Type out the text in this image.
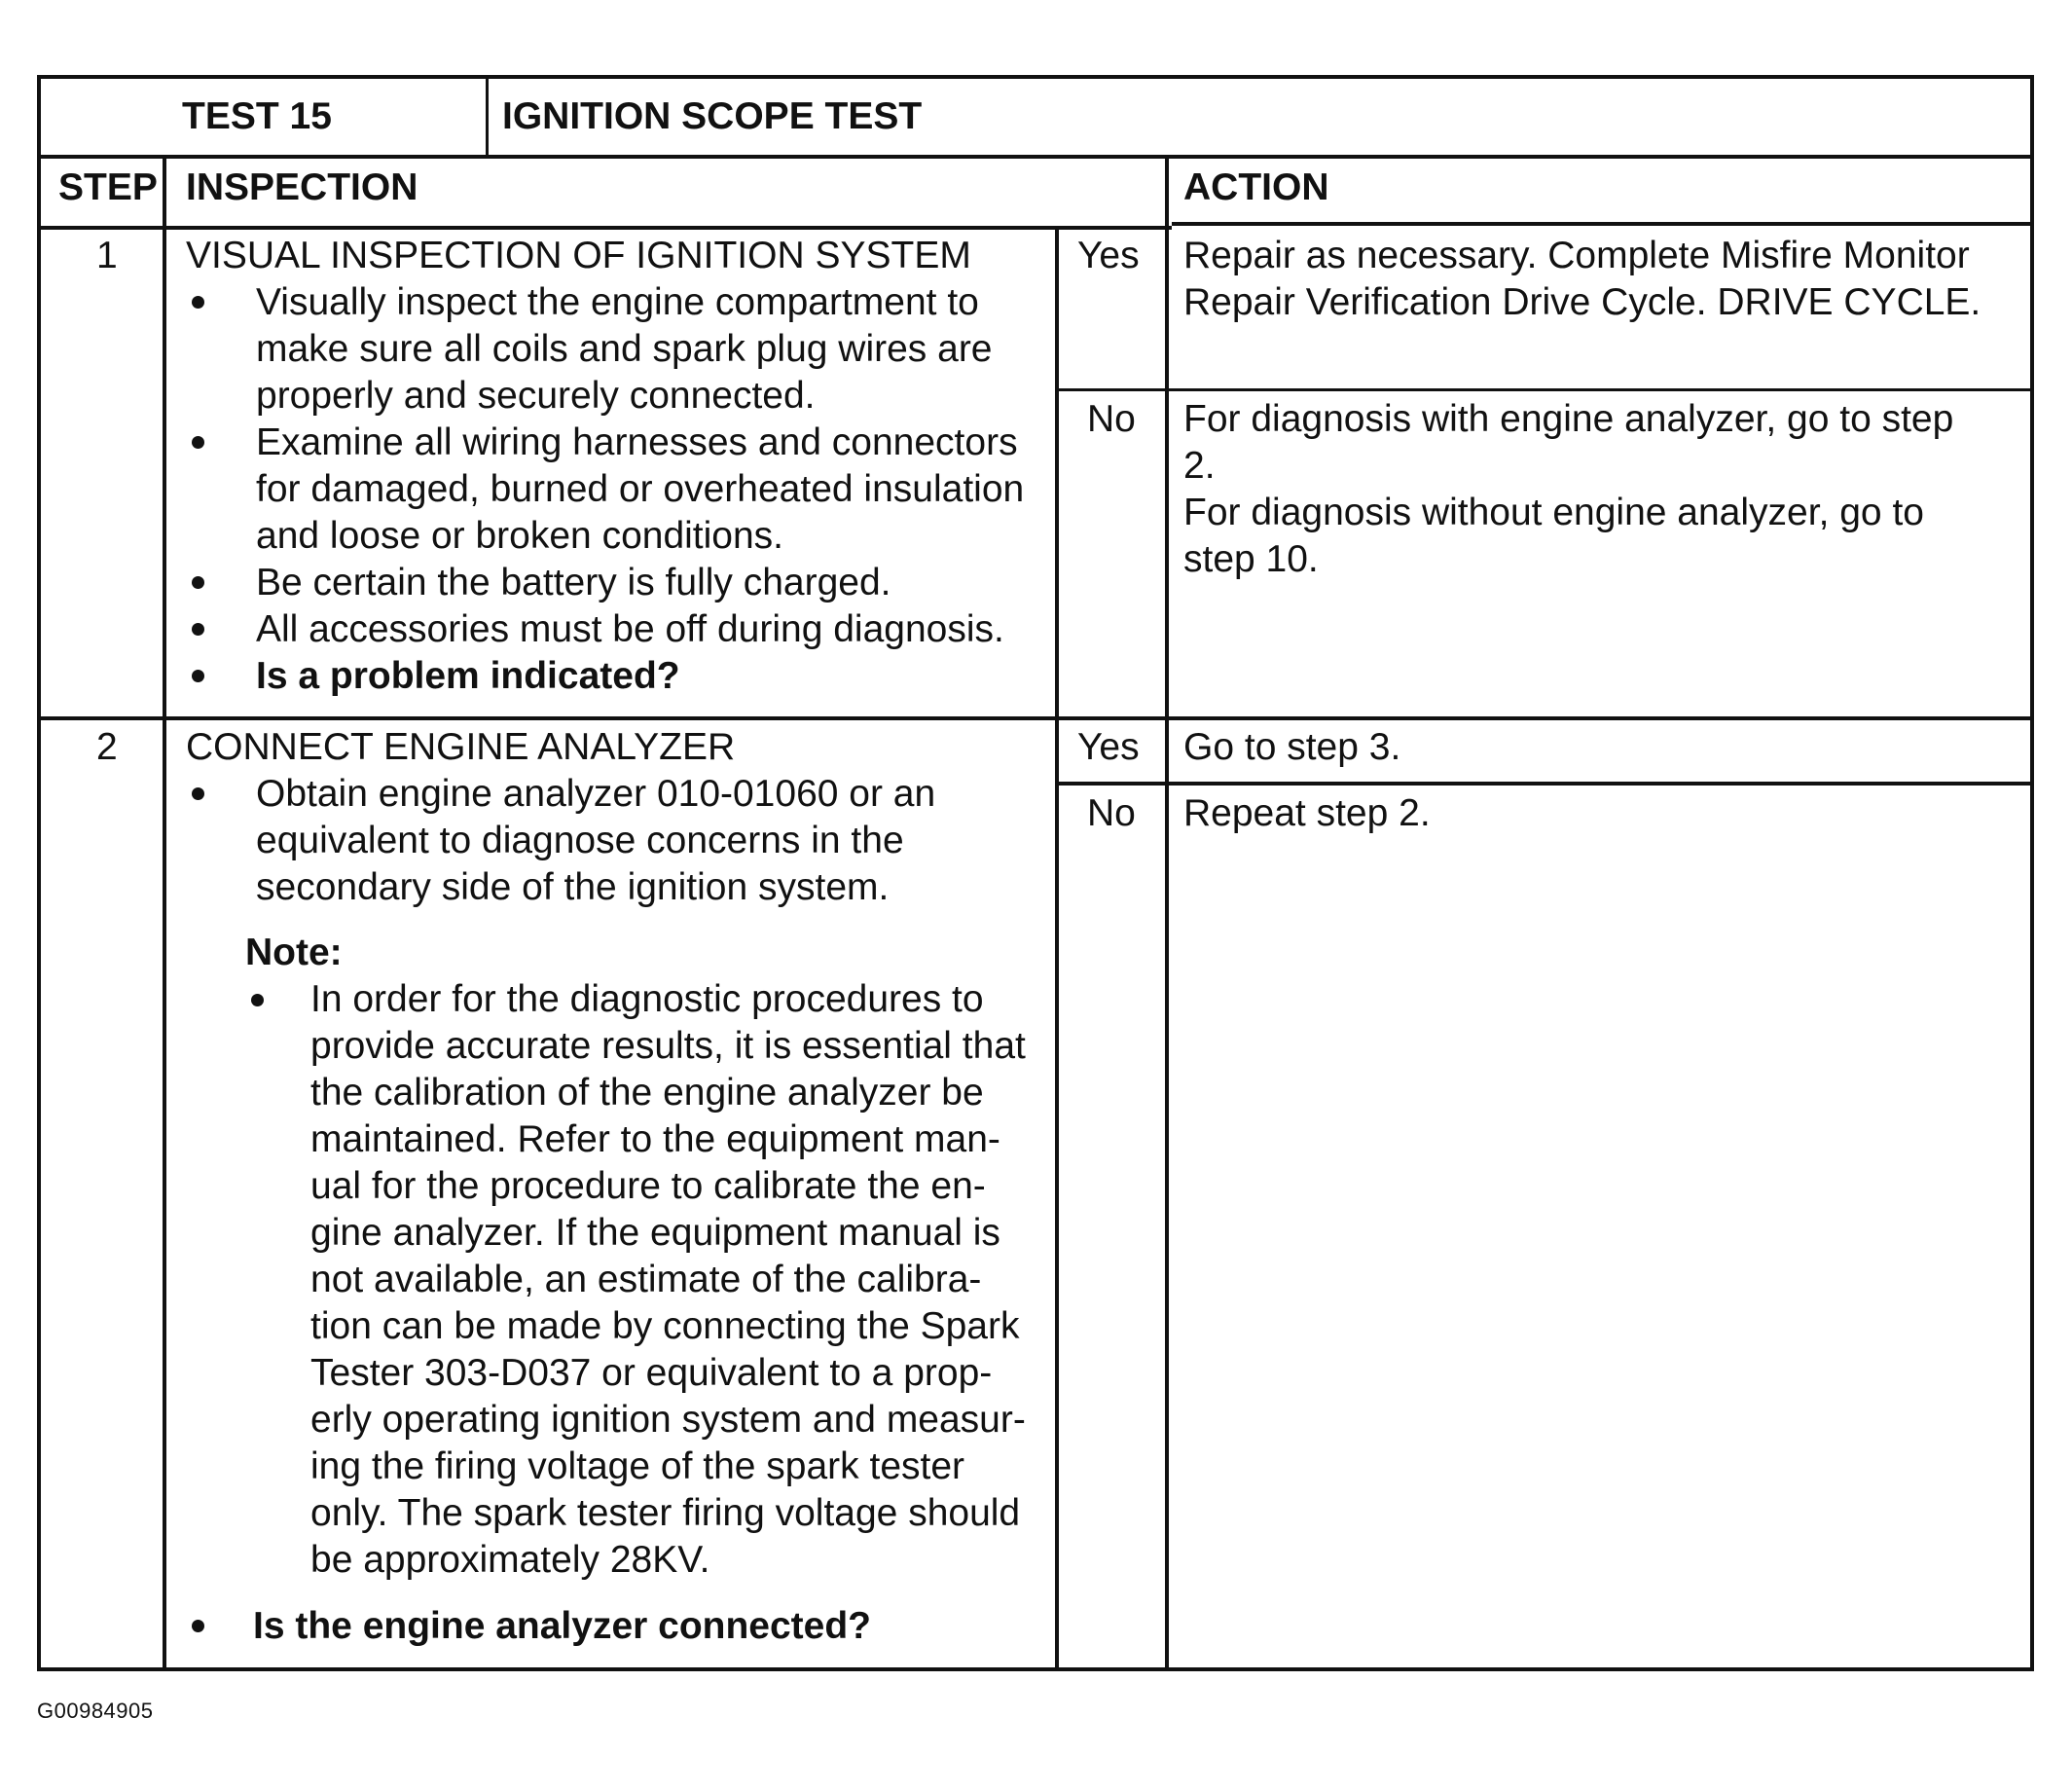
TEST 15	IGNITION SCOPE TEST
STEP INSPECTION	ACTION
1 VISUAL INSPECTION OF IGNITION SYSTEM
Visually inspect the engine compartment to
make sure all coils and spark plug wires are
properly and securely connected.
Examine all wiring harnesses and connectors
for damaged, burned or overheated insulation
and loose or broken conditions.
Be certain the battery is fully charged.
All accessories must be off during diagnosis.
Is a problem indicated?
Yes
No
Repair as necessary. Complete Misfire Monitor
Repair Verification Drive Cycle. DRIVE CYCLE.
For diagnosis with engine analyzer, go to step
2.
For diagnosis without engine analyzer, go to
step 10.
2 CONNECT ENGINE ANALYZER
Obtain engine analyzer 010-01060 or an
equivalent to diagnose concerns in the
secondary side of the ignition system.
Note:
In order for the diagnostic procedures to
provide accurate results, it is essential that
the calibration of the engine analyzer be
maintained. Refer to the equipment man-
ual for the procedure to calibrate the en-
gine analyzer. If the equipment manual is
not available, an estimate of the calibra-
tion can be made by connecting the Spark
Tester 303-D037 or equivalent to a prop-
erly operating ignition system and measur-
ing the firing voltage of the spark tester
only. The spark tester firing voltage should
be approximately 28KV.
Is the engine analyzer connected?
Yes
No
Go to step 3.
Repeat step 2.
G00984905
